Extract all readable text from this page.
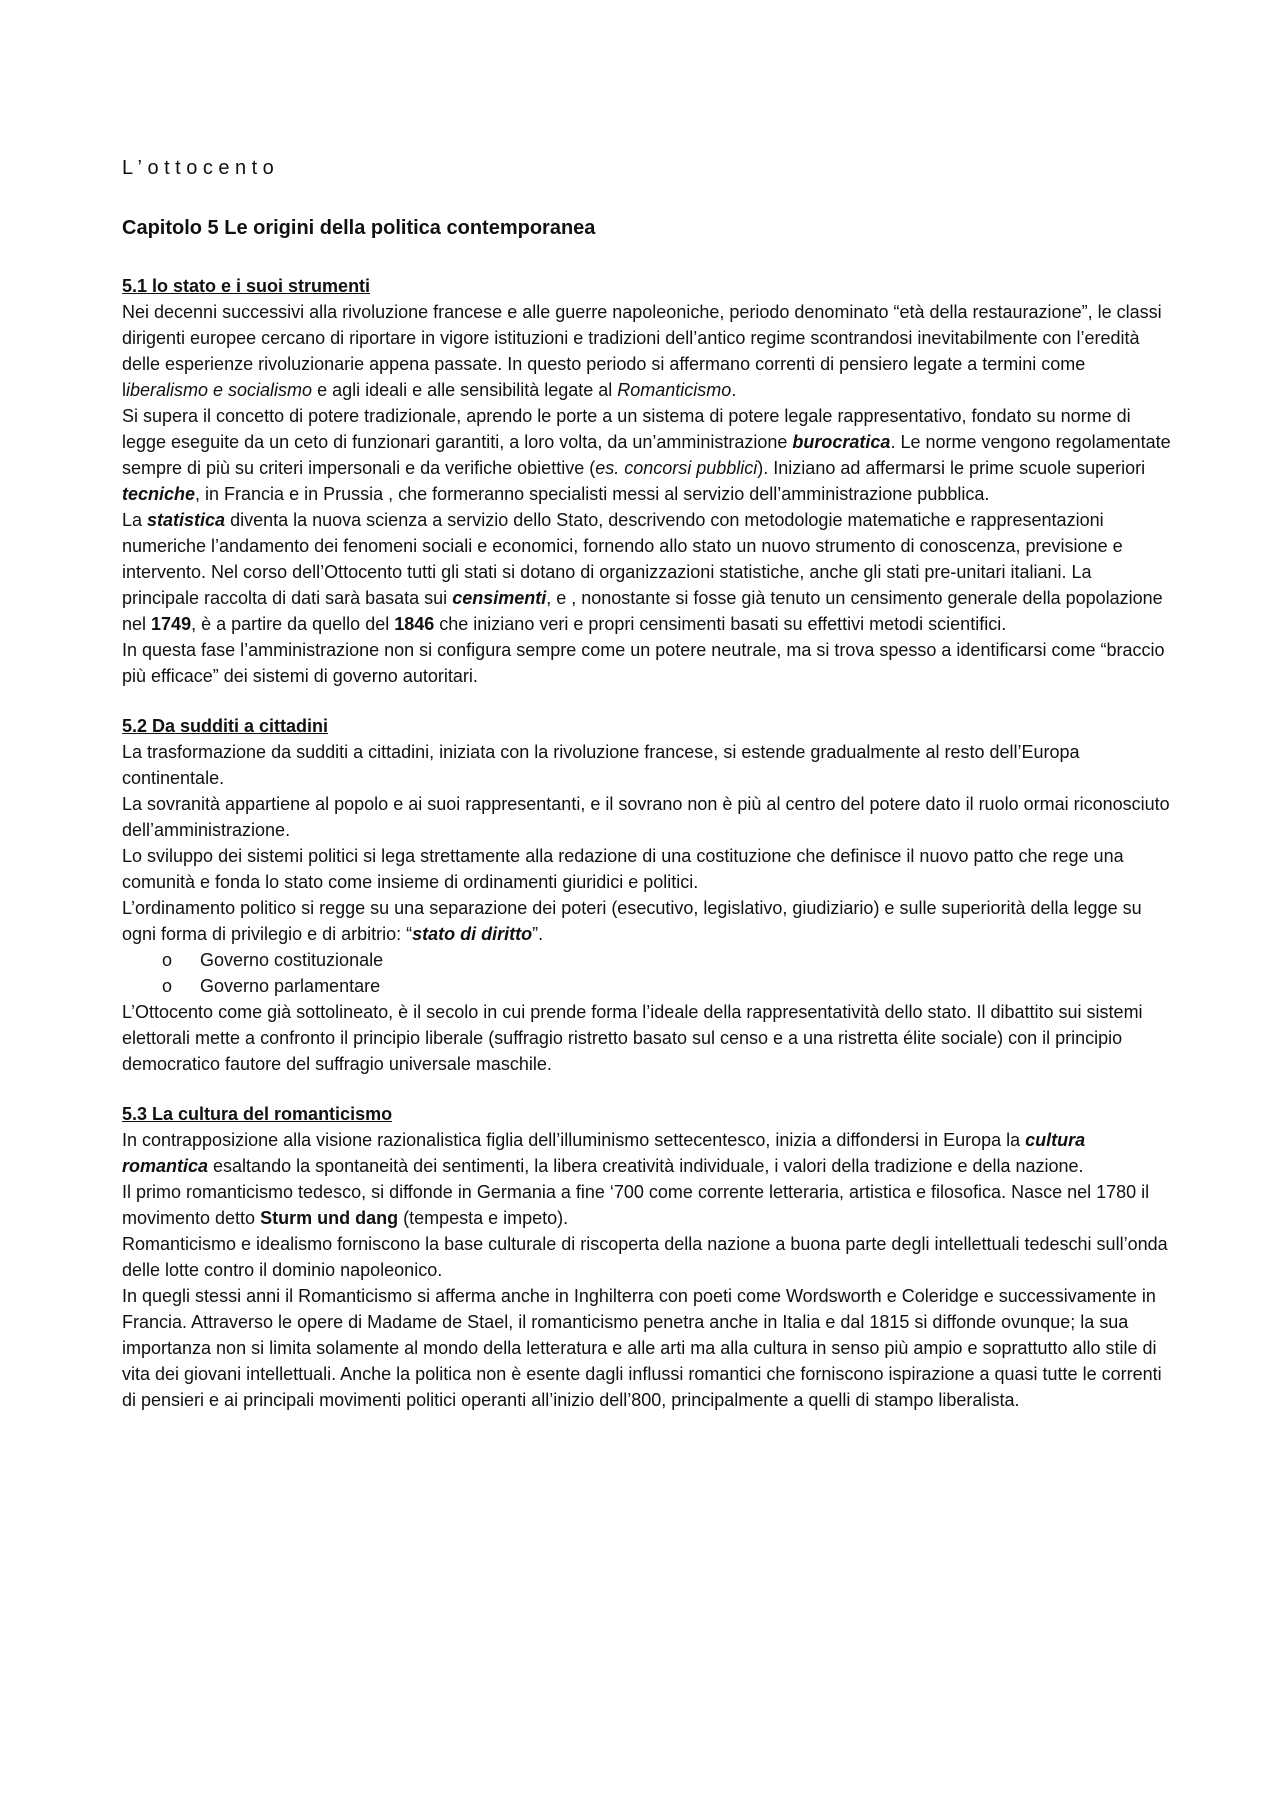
L’ottocento
Capitolo 5 Le origini della politica contemporanea
5.1 lo stato e i suoi strumenti

Nei decenni successivi alla rivoluzione francese e alle guerre napoleoniche, periodo denominato “età della restaurazione”, le classi dirigenti europee cercano di riportare in vigore istituzioni e tradizioni dell’antico regime scontrandosi inevitabilmente con l’eredità delle esperienze rivoluzionarie appena passate. In questo periodo si affermano correnti di pensiero legate a termini come liberalismo e socialismo e agli ideali e alle sensibilità legate al Romanticismo.

Si supera il concetto di potere tradizionale, aprendo le porte a un sistema di potere legale rappresentativo, fondato su norme di legge eseguite da un ceto di funzionari garantiti, a loro volta, da un’amministrazione burocratica. Le norme vengono regolamentate sempre di più su criteri impersonali e da verifiche obiettive (es. concorsi pubblici). Iniziano ad affermarsi le prime scuole superiori tecniche, in Francia e in Prussia , che formeranno specialisti messi al servizio dell’amministrazione pubblica.

La statistica diventa la nuova scienza a servizio dello Stato, descrivendo con metodologie matematiche e rappresentazioni numeriche l’andamento dei fenomeni sociali e economici, fornendo allo stato un nuovo strumento di conoscenza, previsione e intervento. Nel corso dell’Ottocento tutti gli stati si dotano di organizzazioni statistiche, anche gli stati pre-unitari italiani. La principale raccolta di dati sarà basata sui censimenti, e , nonostante si fosse già tenuto un censimento generale della popolazione nel 1749, è a partire da quello del 1846 che iniziano veri e propri censimenti basati su effettivi metodi scientifici.

In questa fase l’amministrazione non si configura sempre come un potere neutrale, ma si trova spesso a identificarsi come “braccio più efficace” dei sistemi di governo autoritari.

5.2 Da sudditi a cittadini

La trasformazione da sudditi a cittadini, iniziata con la rivoluzione francese, si estende gradualmente al resto dell’Europa continentale.

La sovranità appartiene al popolo e ai suoi rappresentanti, e il sovrano non è più al centro del potere dato il ruolo ormai riconosciuto dell’amministrazione.

Lo sviluppo dei sistemi politici si lega strettamente alla redazione di una costituzione che definisce il nuovo patto che rege una comunità e fonda lo stato come insieme di ordinamenti giuridici e politici.

L’ordinamento politico si regge su una separazione dei poteri (esecutivo, legislativo, giudiziario) e sulle superiorità della legge su ogni forma di privilegio e di arbitrio: “stato di diritto”.

o Governo costituzionale
o Governo parlamentare

L’Ottocento come già sottolineato, è il secolo in cui prende forma l’ideale della rappresentatività dello stato. Il dibattito sui sistemi elettorali mette a confronto il principio liberale (suffragio ristretto basato sul censo e a una ristretta élite sociale) con il principio democratico fautore del suffragio universale maschile.

5.3 La cultura del romanticismo

In contrapposizione alla visione razionalistica figlia dell’illuminismo settecentesco, inizia a diffondersi in Europa la cultura romantica esaltando la spontaneità dei sentimenti, la libera creatività individuale, i valori della tradizione e della nazione.

Il primo romanticismo tedesco, si diffonde in Germania a fine ‘700 come corrente letteraria, artistica e filosofica. Nasce nel 1780 il movimento detto Sturm und dang (tempesta e impeto).

Romanticismo e idealismo forniscono la base culturale di riscoperta della nazione a buona parte degli intellettuali tedeschi sull’onda delle lotte contro il dominio napoleonico.

In quegli stessi anni il Romanticismo si afferma anche in Inghilterra con poeti come Wordsworth e Coleridge e successivamente in Francia. Attraverso le opere di Madame de Stael, il romanticismo penetra anche in Italia e dal 1815 si diffonde ovunque; la sua importanza non si limita solamente al mondo della letteratura e alle arti ma alla cultura in senso più ampio e soprattutto allo stile di vita dei giovani intellettuali. Anche la politica non è esente dagli influssi romantici che forniscono ispirazione a quasi tutte le correnti di pensieri e ai principali movimenti politici operanti all’inizio dell’800, principalmente a quelli di stampo liberalista.
